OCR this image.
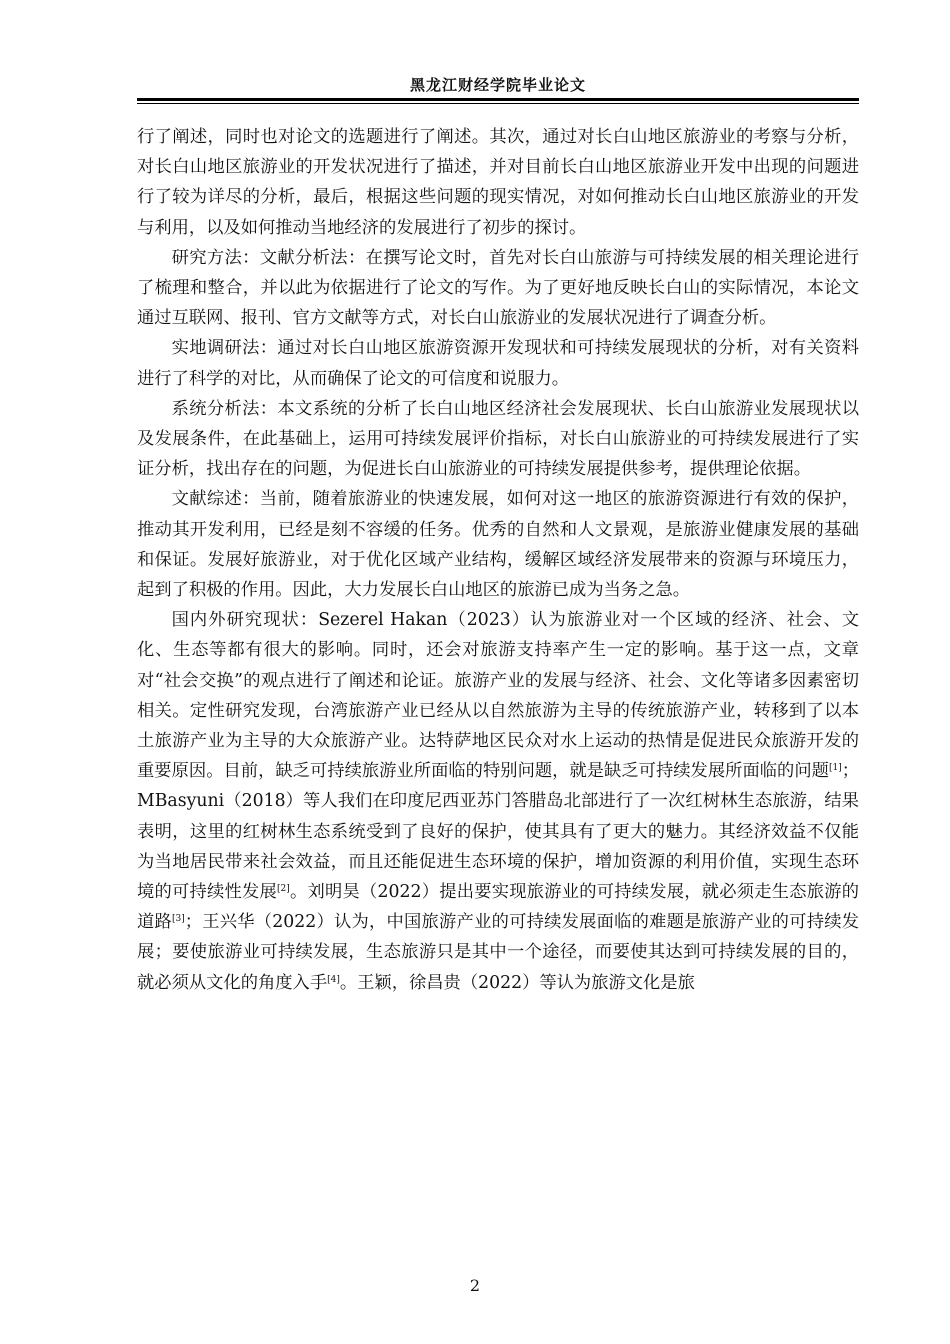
黑龙江财经学院毕业论文

行了阐述，同时也对论文的选题进行了阐述。其次，通过对长白山地区旅游业的考察与分析，对长白山地区旅游业的开发状况进行了描述，并对目前长白山地区旅游业开发中出现的问题进行了较为详尽的分析，最后，根据这些问题的现实情况，对如何推动长白山地区旅游业的开发与利用，以及如何推动当地经济的发展进行了初步的探讨。

研究方法：文献分析法：在撰写论文时，首先对长白山旅游与可持续发展的相关理论进行了梳理和整合，并以此为依据进行了论文的写作。为了更好地反映长白山的实际情况，本论文通过互联网、报刊、官方文献等方式，对长白山旅游业的发展状况进行了调查分析。

实地调研法：通过对长白山地区旅游资源开发现状和可持续发展现状的分析，对有关资料进行了科学的对比，从而确保了论文的可信度和说服力。

系统分析法：本文系统的分析了长白山地区经济社会发展现状、长白山旅游业发展现状以及发展条件，在此基础上，运用可持续发展评价指标，对长白山旅游业的可持续发展进行了实证分析，找出存在的问题，为促进长白山旅游业的可持续发展提供参考，提供理论依据。

文献综述：当前，随着旅游业的快速发展，如何对这一地区的旅游资源进行有效的保护，推动其开发利用，已经是刻不容缓的任务。优秀的自然和人文景观，是旅游业健康发展的基础和保证。发展好旅游业，对于优化区域产业结构，缓解区域经济发展带来的资源与环境压力，起到了积极的作用。因此，大力发展长白山地区的旅游已成为当务之急。

国内外研究现状：Sezerel Hakan（2023）认为旅游业对一个区域的经济、社会、文化、生态等都有很大的影响。同时，还会对旅游支持率产生一定的影响。基于这一点，文章对“社会交换”的观点进行了阐述和论证。旅游产业的发展与经济、社会、文化等诸多因素密切相关。定性研究发现，台湾旅游产业已经从以自然旅游为主导的传统旅游产业，转移到了以本土旅游产业为主导的大众旅游产业。达特萨地区民众对水上运动的热情是促进民众旅游开发的重要原因。目前，缺乏可持续旅游业所面临的特别问题，就是缺乏可持续发展所面临的问题[1]；MBasyuni（2018）等人我们在印度尼西亚苏门答腊岛北部进行了一次红树林生态旅游，结果表明，这里的红树林生态系统受到了良好的保护，使其具有了更大的魅力。其经济效益不仅能为当地居民带来社会效益，而且还能促进生态环境的保护，增加资源的利用价值，实现生态环境的可持续性发展[2]。刘明昊（2022）提出要实现旅游业的可持续发展，就必须走生态旅游的道路[3]；王兴华（2022）认为，中国旅游产业的可持续发展面临的难题是旅游产业的可持续发展；要使旅游业可持续发展，生态旅游只是其中一个途径，而要使其达到可持续发展的目的，就必须从文化的角度入手[4]。王颖，徐昌贵（2022）等认为旅游文化是旅

2
